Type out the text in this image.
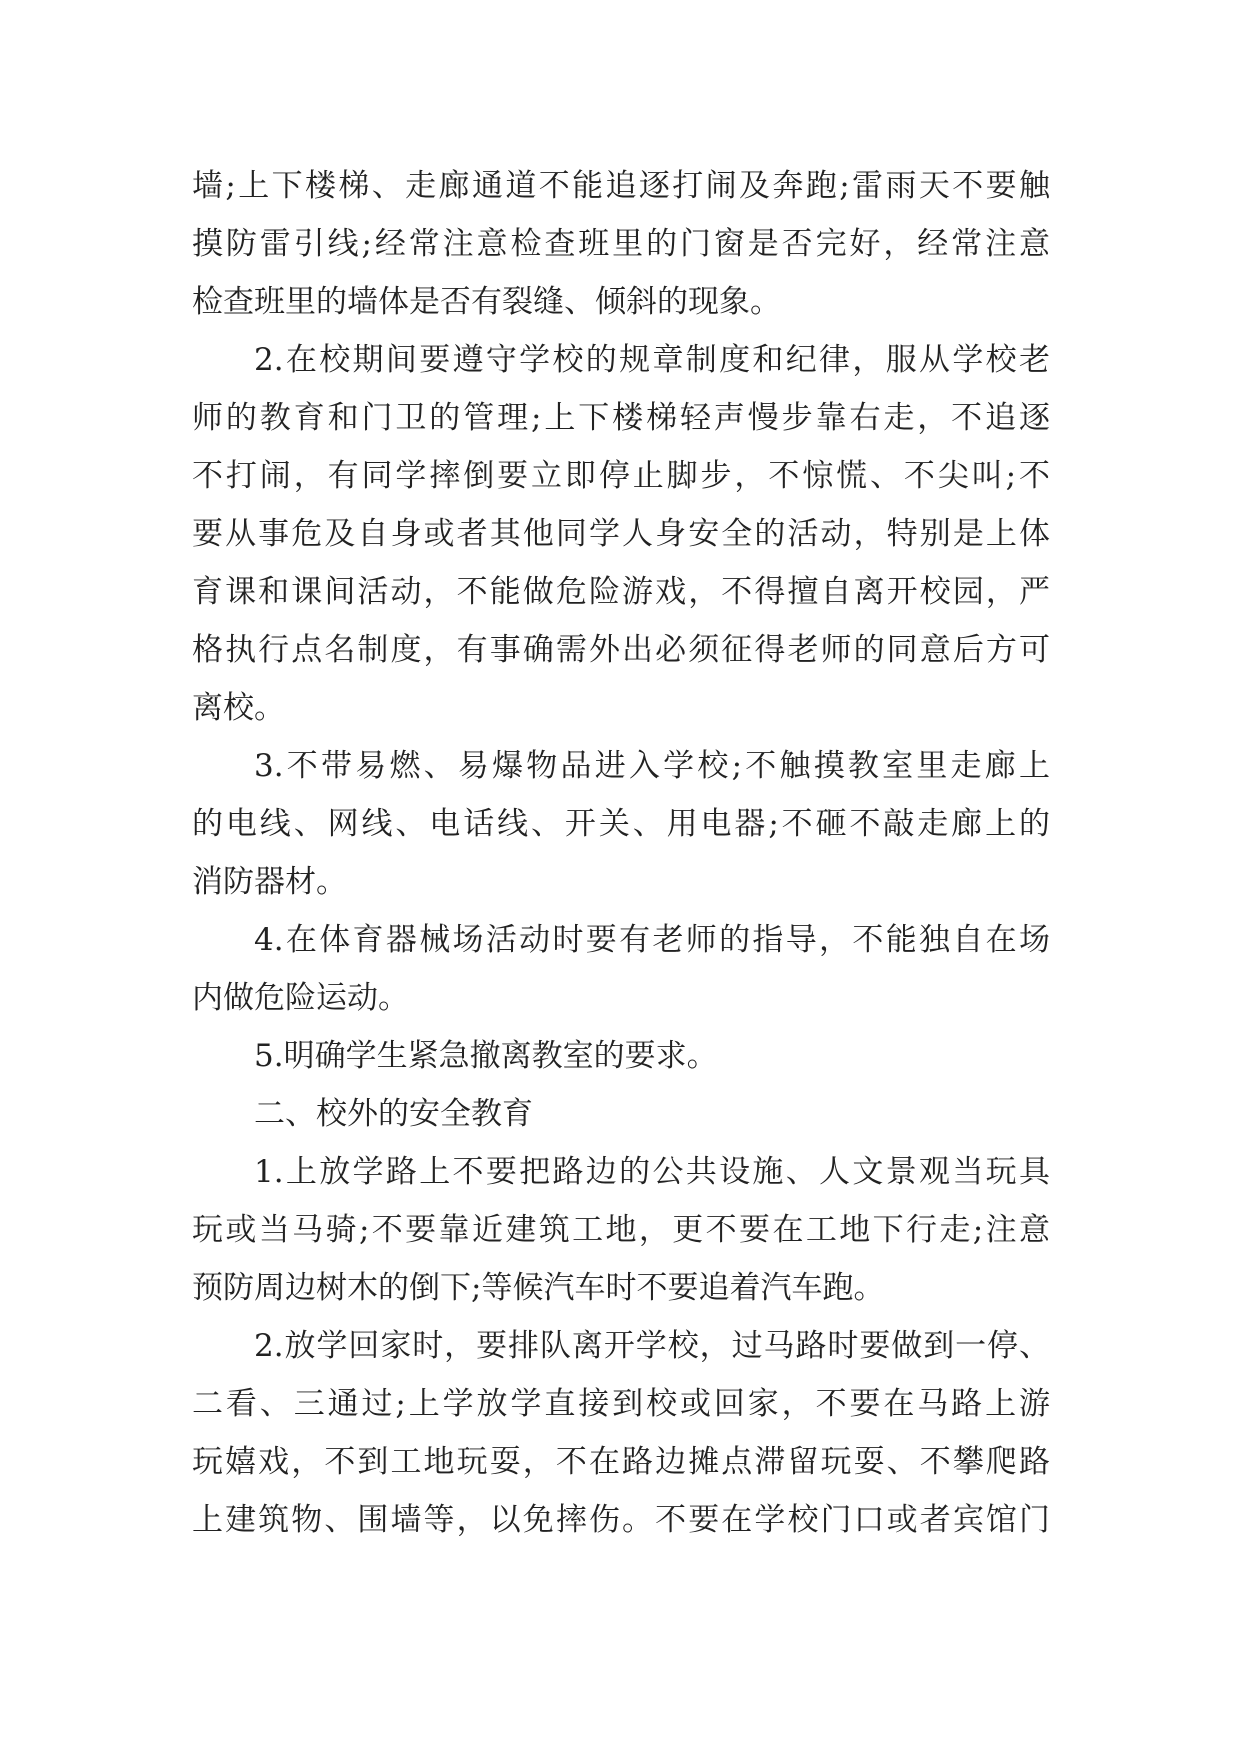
墙;上下楼梯、走廊通道不能追逐打闹及奔跑;雷雨天不要触
摸防雷引线;经常注意检查班里的门窗是否完好，经常注意
检查班里的墙体是否有裂缝、倾斜的现象。
2.在校期间要遵守学校的规章制度和纪律，服从学校老
师的教育和门卫的管理;上下楼梯轻声慢步靠右走，不追逐
不打闹，有同学摔倒要立即停止脚步，不惊慌、不尖叫;不
要从事危及自身或者其他同学人身安全的活动，特别是上体
育课和课间活动，不能做危险游戏，不得擅自离开校园，严
格执行点名制度，有事确需外出必须征得老师的同意后方可
离校。
3.不带易燃、易爆物品进入学校;不触摸教室里走廊上
的电线、网线、电话线、开关、用电器;不砸不敲走廊上的
消防器材。
4.在体育器械场活动时要有老师的指导，不能独自在场
内做危险运动。
5.明确学生紧急撤离教室的要求。
二、校外的安全教育
1.上放学路上不要把路边的公共设施、人文景观当玩具
玩或当马骑;不要靠近建筑工地，更不要在工地下行走;注意
预防周边树木的倒下;等候汽车时不要追着汽车跑。
2.放学回家时，要排队离开学校，过马路时要做到一停、
二看、三通过;上学放学直接到校或回家，不要在马路上游
玩嬉戏，不到工地玩耍，不在路边摊点滞留玩耍、不攀爬路
上建筑物、围墙等，以免摔伤。不要在学校门口或者宾馆门
